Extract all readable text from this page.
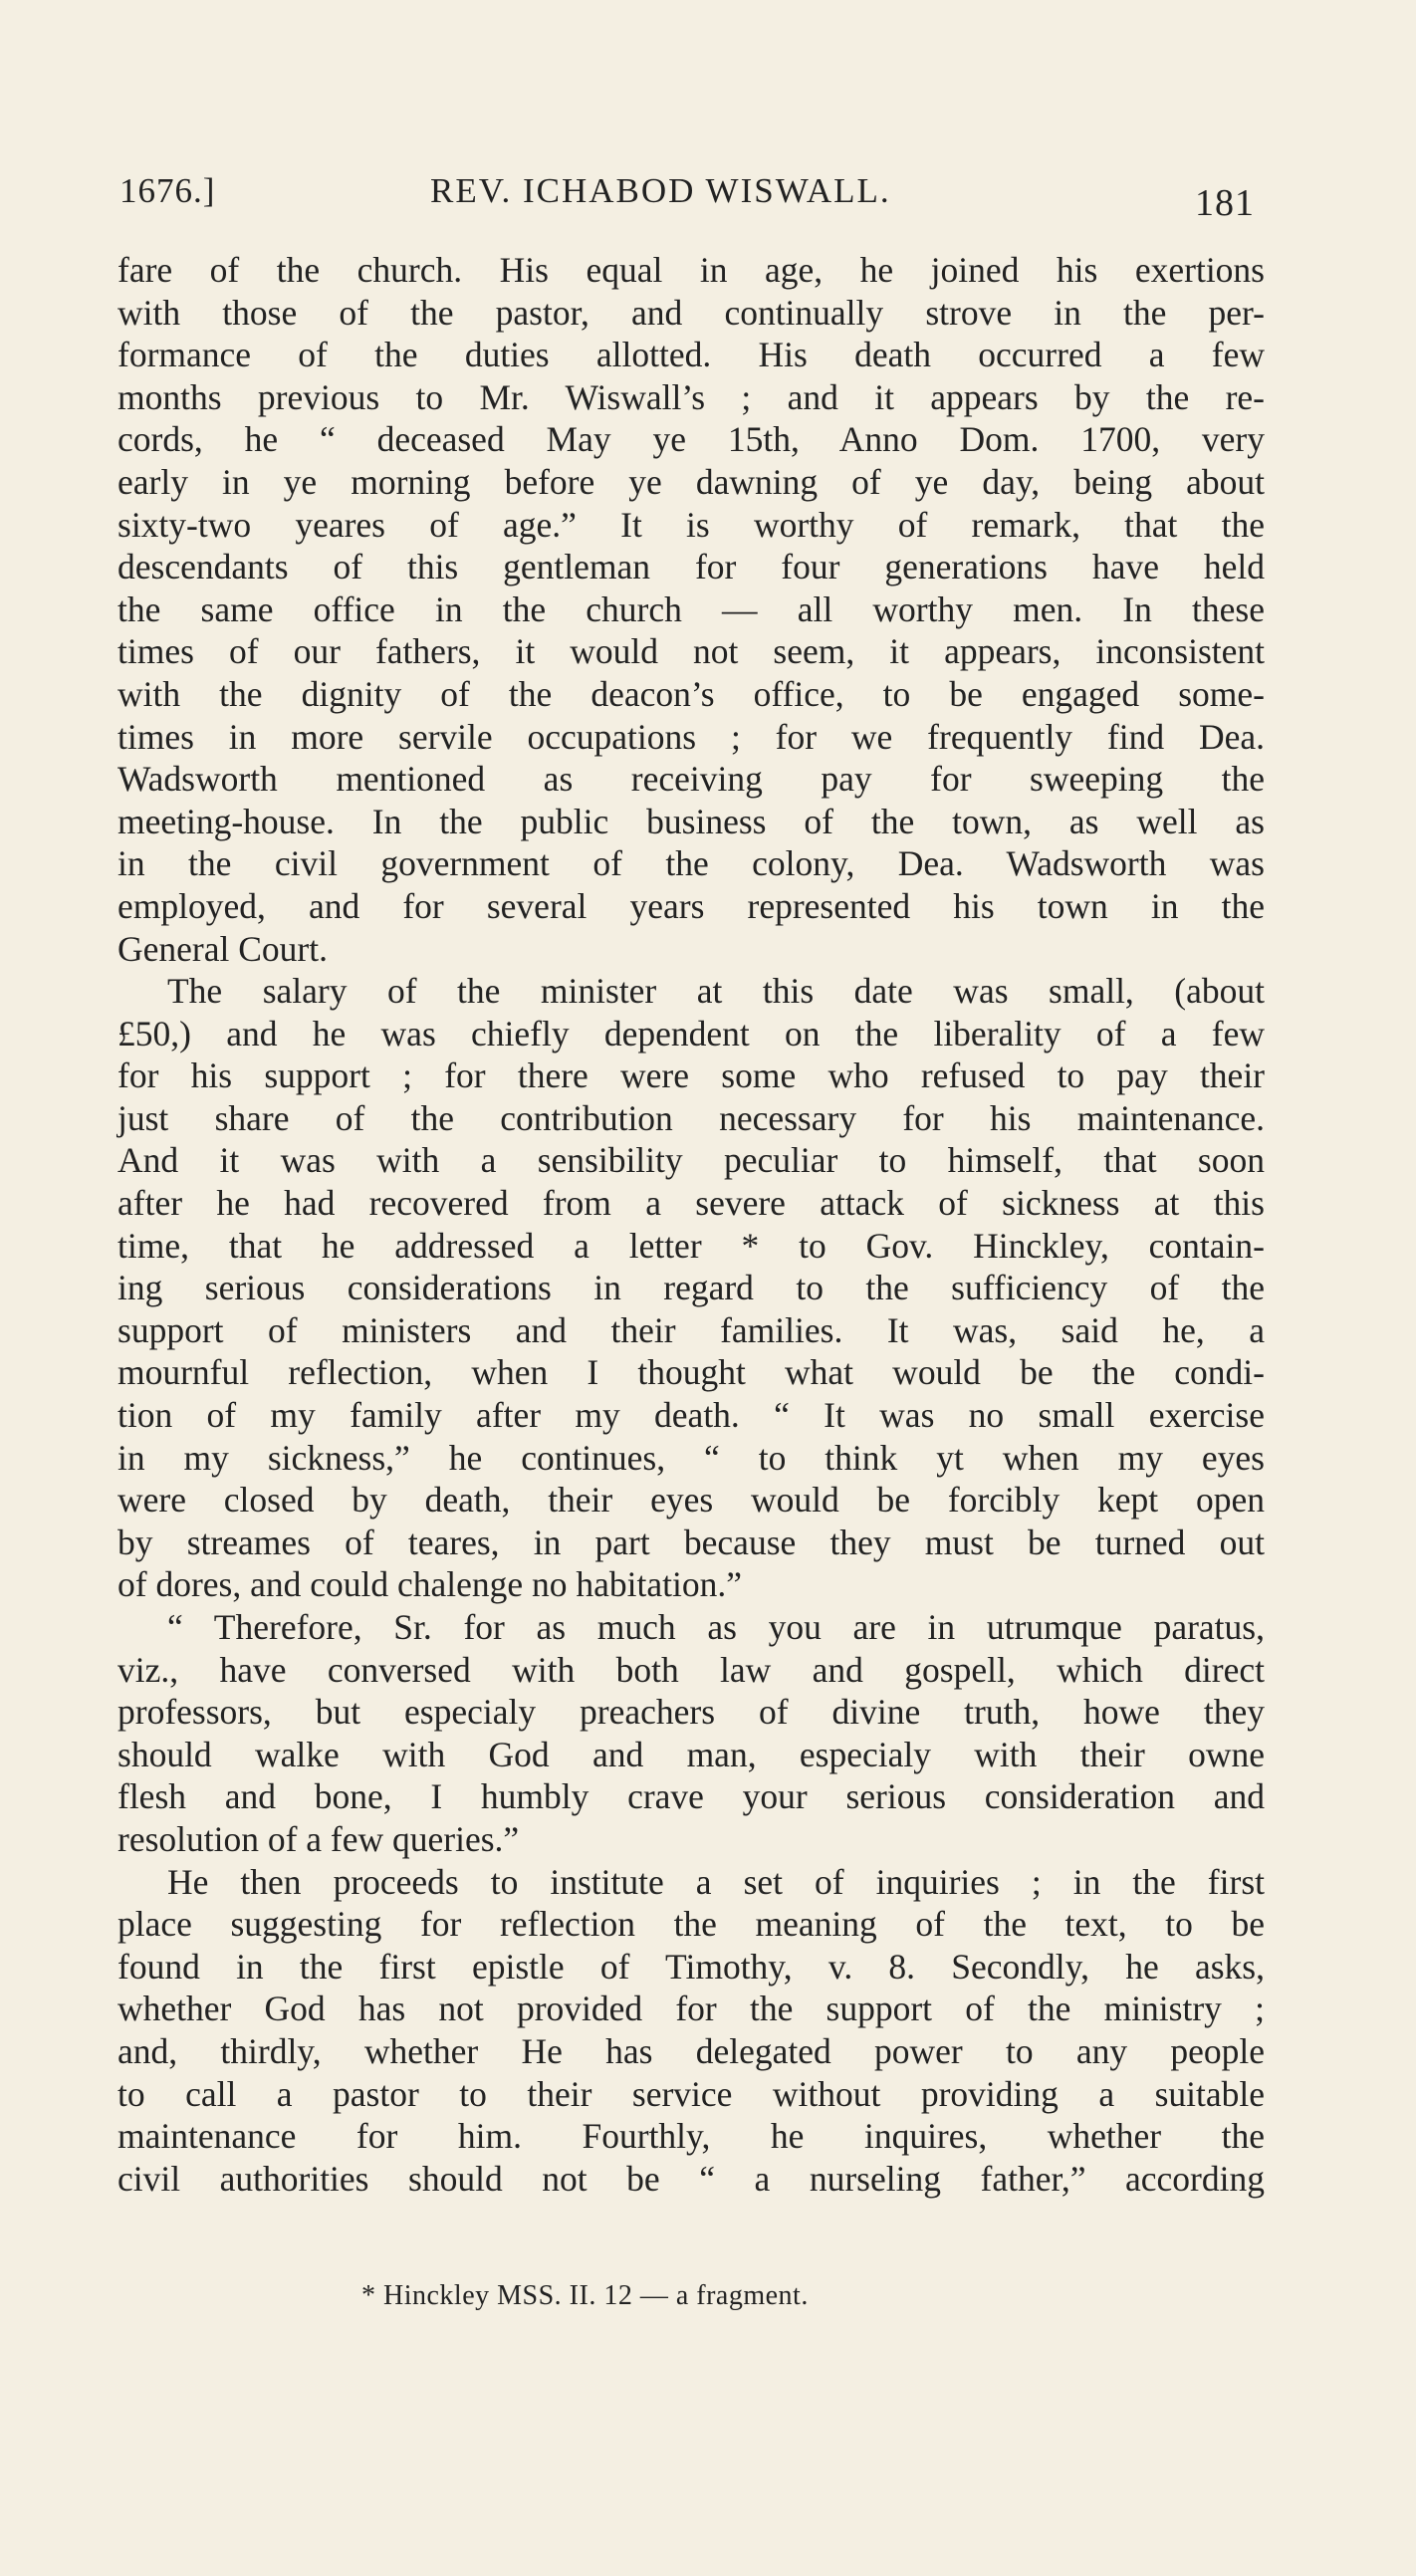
1676.]	REV. ICHABOD WISWALL.	181
fare of the church. His equal in age, he joined his exertions
with those of the pastor, and continually strove in the per-
formance of the duties allotted. His death occurred a few
months previous to Mr. Wiswall’s ; and it appears by the re-
cords, he “ deceased May ye 15th, Anno Dom. 1700, very
early in ye morning before ye dawning of ye day, being about
sixty-two yeares of age.” It is worthy of remark, that the
descendants of this gentleman for four generations have held
the same office in the church — all worthy men. In these
times of our fathers, it would not seem, it appears, inconsistent
with the dignity of the deacon’s office, to be engaged some-
times in more servile occupations ; for we frequently find Dea.
Wadsworth mentioned as receiving pay for sweeping the
meeting-house. In the public business of the town, as well as
in the civil government of the colony, Dea. Wadsworth was
employed, and for several years represented his town in the
General Court.
The salary of the minister at this date was small, (about
£50,) and he was chiefly dependent on the liberality of a few
for his support ; for there were some who refused to pay their
just share of the contribution necessary for his maintenance.
And it was with a sensibility peculiar to himself, that soon
after he had recovered from a severe attack of sickness at this
time, that he addressed a letter * to Gov. Hinckley, contain-
ing serious considerations in regard to the sufficiency of the
support of ministers and their families. It was, said he, a
mournful reflection, when I thought what would be the condi-
tion of my family after my death. “ It was no small exercise
in my sickness,” he continues, “ to think yt when my eyes
were closed by death, their eyes would be forcibly kept open
by streames of teares, in part because they must be turned out
of dores, and could chalenge no habitation.”
“ Therefore, Sr. for as much as you are in utrumque paratus,
viz., have conversed with both law and gospell, which direct
professors, but especialy preachers of divine truth, howe they
should walke with God and man, especialy with their owne
flesh and bone, I humbly crave your serious consideration and
resolution of a few queries.”
He then proceeds to institute a set of inquiries ; in the first
place suggesting for reflection the meaning of the text, to be
found in the first epistle of Timothy, v. 8. Secondly, he asks,
whether God has not provided for the support of the ministry ;
and, thirdly, whether He has delegated power to any people
to call a pastor to their service without providing a suitable
maintenance for him. Fourthly, he inquires, whether the
civil authorities should not be “ a nurseling father,” according
* Hinckley MSS. II. 12 — a fragment.
